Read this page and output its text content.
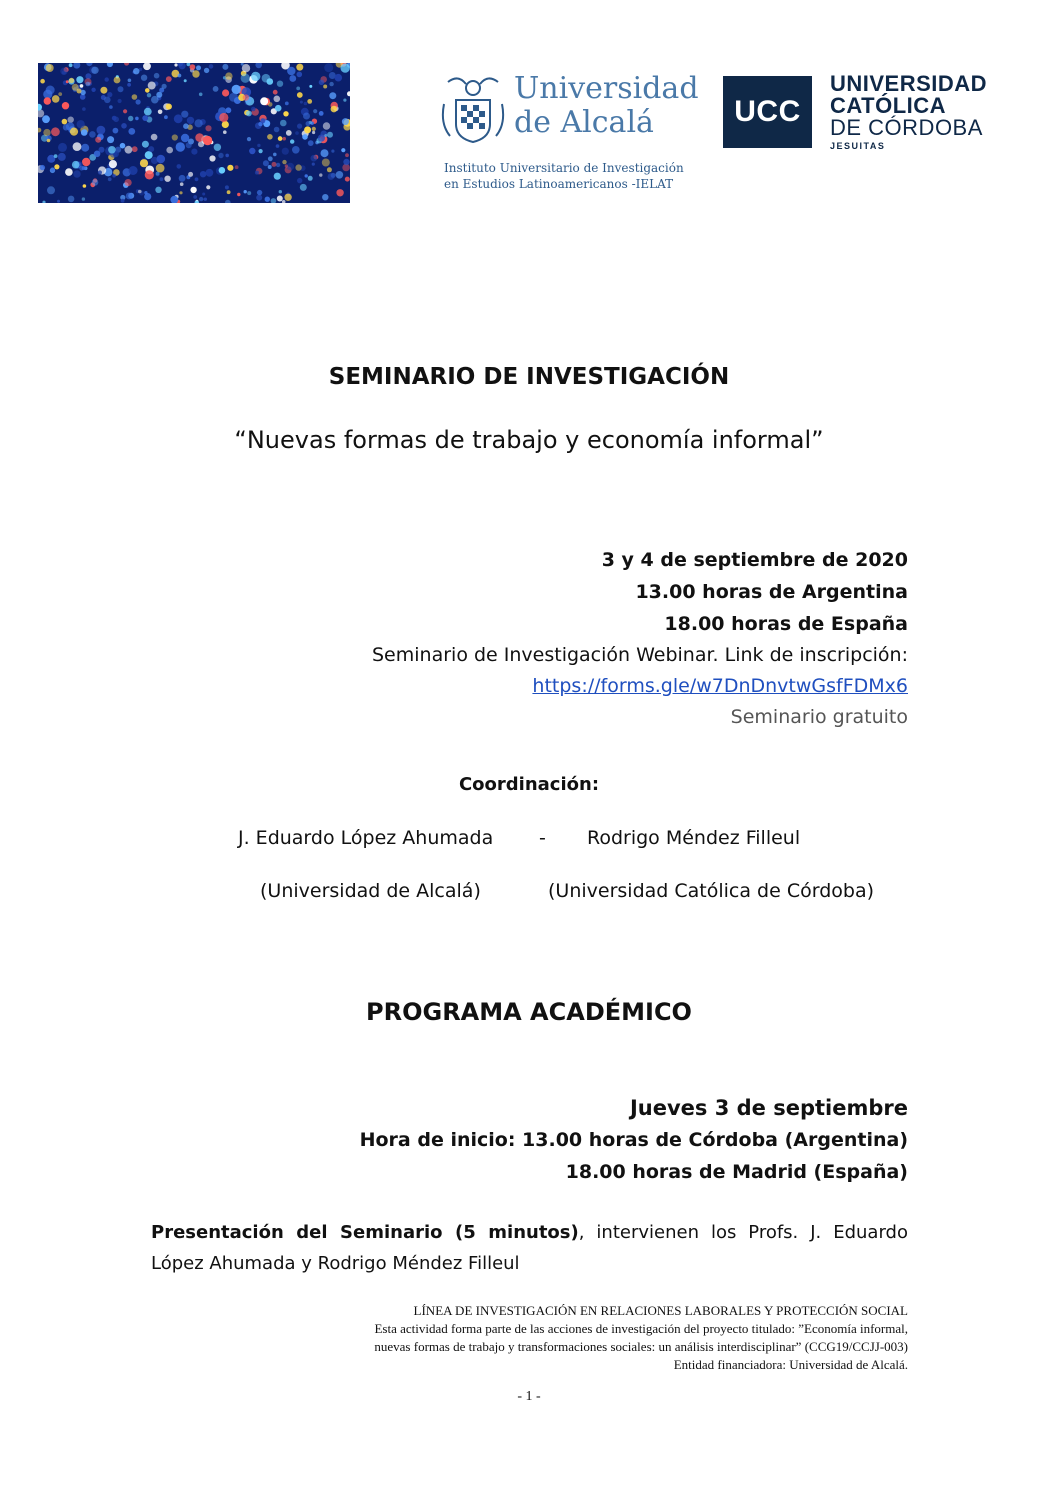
Universidad
de Alcalá
Instituto Universitario de Investigación
en Estudios Latinoamericanos -IELAT
UCC
UNIVERSIDAD
CATÓLICA
DE CÓRDOBA
JESUITAS
SEMINARIO DE INVESTIGACIÓN
“Nuevas formas de trabajo y economía informal”
3 y 4 de septiembre de 2020
13.00 horas de Argentina
18.00 horas de España
Seminario de Investigación Webinar. Link de inscripción:
https://forms.gle/w7DnDnvtwGsfFDMx6
Seminario gratuito
Coordinación:
J. Eduardo López Ahumada - Rodrigo Méndez Filleul
(Universidad de Alcalá)	(Universidad Católica de Córdoba)
PROGRAMA ACADÉMICO
Jueves 3 de septiembre
Hora de inicio: 13.00 horas de Córdoba (Argentina)
18.00 horas de Madrid (España)
Presentación del Seminario (5 minutos), intervienen los Profs. J. Eduardo López Ahumada y Rodrigo Méndez Filleul
LÍNEA DE INVESTIGACIÓN EN RELACIONES LABORALES Y PROTECCIÓN SOCIAL
Esta actividad forma parte de las acciones de investigación del proyecto titulado: ”Economía informal,
nuevas formas de trabajo y transformaciones sociales: un análisis interdisciplinar” (CCG19/CCJJ-003)
Entidad financiadora: Universidad de Alcalá.
- 1 -
